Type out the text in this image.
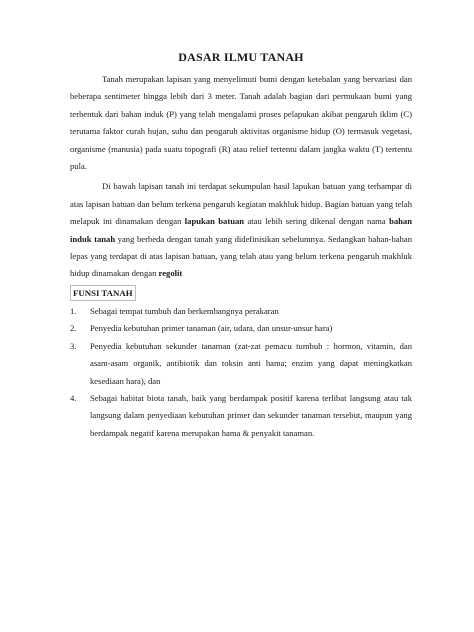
DASAR ILMU TANAH

Tanah merupakan lapisan yang menyelimuti bumi dengan ketebalan yang bervariasi dan beberapa sentimeter hingga lebih dari 3 meter. Tanah adalah bagian dari permukaan bumi yang terbentuk dari bahan induk (P) yang telah mengalami proses pelapukan akibat pengaruh iklim (C) terutama faktor curah hujan, suhu dan pengaruh aktivitas organisme hidup (O) termasuk vegetasi, organisme (manusia) pada suatu topografi (R) atau relief tertentu dalam jangka waktu (T) tertentu pula.

Di bawah lapisan tanah ini terdapat sekumpulan hasil lapukan batuan yang terhampar di atas lapisan batuan dan belum terkena pengaruh kegiatan makhluk hidup. Bagian batuan yang telah melapuk ini dinamakan dengan lapukan batuan atau lebih sering dikenal dengan nama bahan induk tanah yang berbeda dengan tanah yang didefinisikan sebelumnya. Sedangkan bahan-bahan lepas yang terdapat di atas lapisan batuan, yang telah atau yang belum terkena pengaruh makhluk hidup dinamakan dengan regolit

FUNSI TANAH
1. Sebagai tempat tumbuh dan berkembangnya perakaran
2. Penyedia kebutuhan primer tanaman (air, udara, dan unsur-unsur hara)
3. Penyedia kebutuhan sekunder tanaman (zat-zat pemacu tumbuh : hormon, vitamin, dan asam-asam organik, antibiotik dan toksin anti hama; enzim yang dapat meningkatkan kesediaan hara), dan
4. Sebagai habitat biota tanah, baik yang berdampak positif karena terlibat langsung atau tak langsung dalam penyediaan kebutuhan primer dan sekunder tanaman tersebut, maupun yang berdampak negatif karena merupakan hama & penyakit tanaman.
